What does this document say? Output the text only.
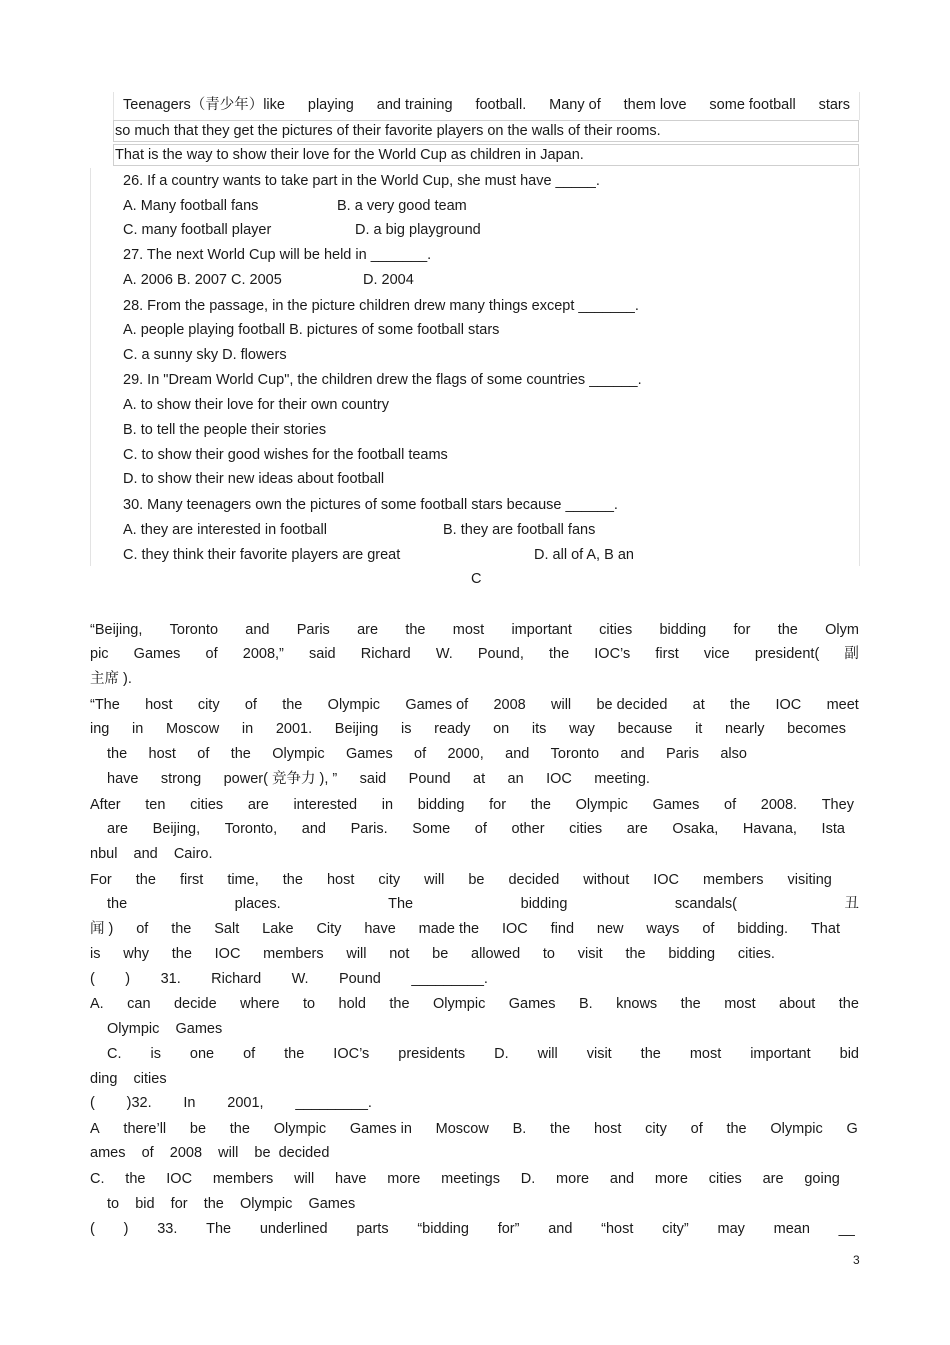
Teenagers（青少年）like playing and training football. Many of them love some football stars
so much that they get the pictures of their favorite players on the walls of their rooms.
That is the way to show their love for the World Cup as children in Japan.
26. If a country wants to take part in the World Cup, she must have _____.
A. Many football fans	B. a very good team
C. many football player	D. a big playground
27. The next World Cup will be held in _______.
A. 2006 B. 2007 C. 2005	D. 2004
28. From the passage, in the picture children drew many things except _______.
A. people playing football B. pictures of some football stars
C. a sunny sky D. flowers
29. In "Dream World Cup", the children drew the flags of some countries ______.
A. to show their love for their own country
B. to tell the people their stories
C. to show their good wishes for the football teams
D. to show their new ideas about football
30. Many teenagers own the pictures of some football stars because ______.
A. they are interested in football	B. they are football fans
C. they think their favorite players are great	D. all of A, B an
C
“Beijing, Toronto and Paris are the most important cities bidding for the Olym
pic Games of 2008,” said Richard W. Pound, the IOC’s first vice president( 副
主席 ).
“The host city of the Olympic Games of 2008 will be decided at the IOC meet
ing in Moscow in 2001. Beijing is ready on its way because it nearly becomes
the host of the Olympic Games of 2000, and Toronto and Paris also
have strong power( 竞争力 ), ” said Pound at an IOC meeting.
After ten cities are interested in bidding for the Olympic Games of 2008. They
are Beijing, Toronto, and Paris. Some of other cities are Osaka, Havana, Ista
nbul    and    Cairo.
For the first time, the host city will be decided without IOC members visiting
the	places.	The	bidding	scandals(	丑
闻 ) of the Salt Lake City have made the IOC find new ways of bidding. That
is why the IOC members will not be allowed to visit the bidding cities.
( ) 31. Richard W. Pound _________.
A. can decide where to hold the Olympic Games B. knows the most about the
Olympic    Games
C. is one of the IOC’s presidents D. will visit the most important bid
ding    cities
( )32. In 2001, _________.
A there’ll be the Olympic Games in Moscow B. the host city of the Olympic G
ames    of    2008    will    be  decided
C. the IOC members will have more meetings D. more and more cities are going
to    bid    for    the    Olympic    Games
( ) 33. The underlined parts “bidding for” and “host city” may mean __
3
